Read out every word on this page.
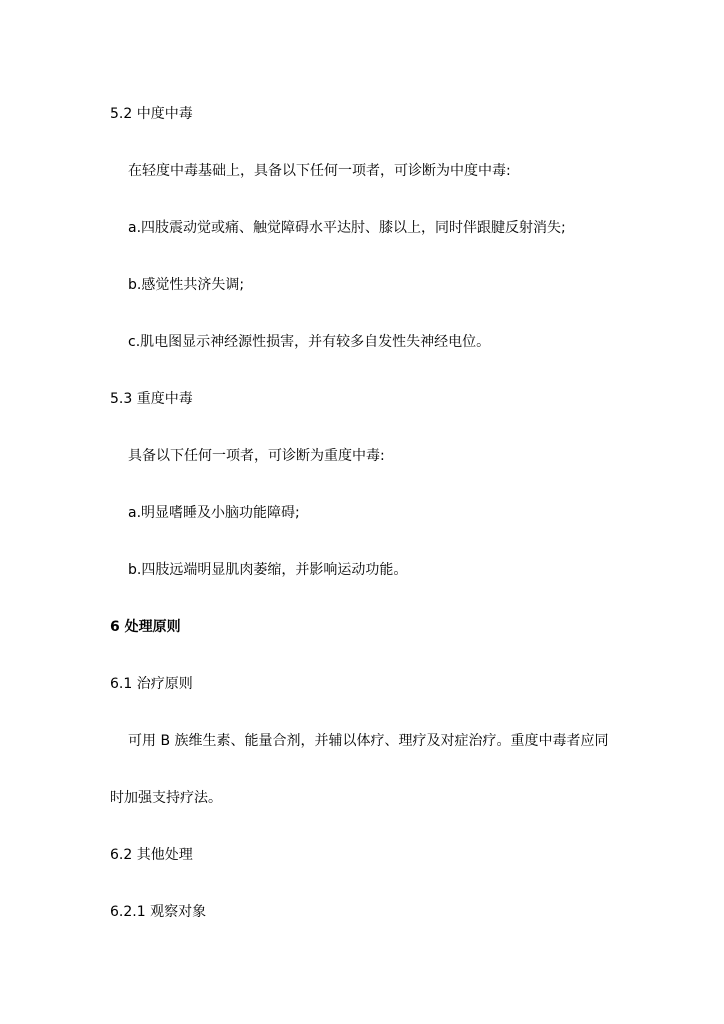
5.2 中度中毒

在轻度中毒基础上，具备以下任何一项者，可诊断为中度中毒:

a.四肢震动觉或痛、触觉障碍水平达肘、膝以上，同时伴跟腱反射消失;

b.感觉性共济失调;

c.肌电图显示神经源性损害，并有较多自发性失神经电位。

5.3 重度中毒

具备以下任何一项者，可诊断为重度中毒:

a.明显嗜睡及小脑功能障碍;

b.四肢远端明显肌肉萎缩，并影响运动功能。

6 处理原则

6.1 治疗原则

可用 B 族维生素、能量合剂，并辅以体疗、理疗及对症治疗。重度中毒者应同

时加强支持疗法。

6.2 其他处理

6.2.1 观察对象
